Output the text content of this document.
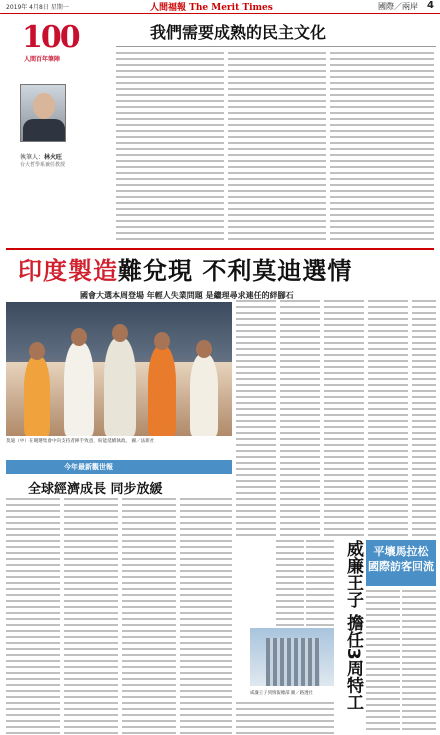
2019年 4月8日 星期一	人間福報 The Merit Times	國際／兩岸 4
100
人間百年筆陣
我們需要成熟的民主文化
執筆人：林火旺
台大哲學系兼任教授
印度製造難兌現 不利莫迪選情
國會大選本周登場 年輕人失業問題 是繼理尋求連任的絆腳石
莫迪（中）在競選集會中向支持者揮手致意，盼能延續執政。 圖／法新社
今年最新觀世報
全球經濟成長 同步放緩
威廉王子 擔任3周特工
威廉王子到情報總部 圖／路透社
平壤馬拉松
國際訪客回流
